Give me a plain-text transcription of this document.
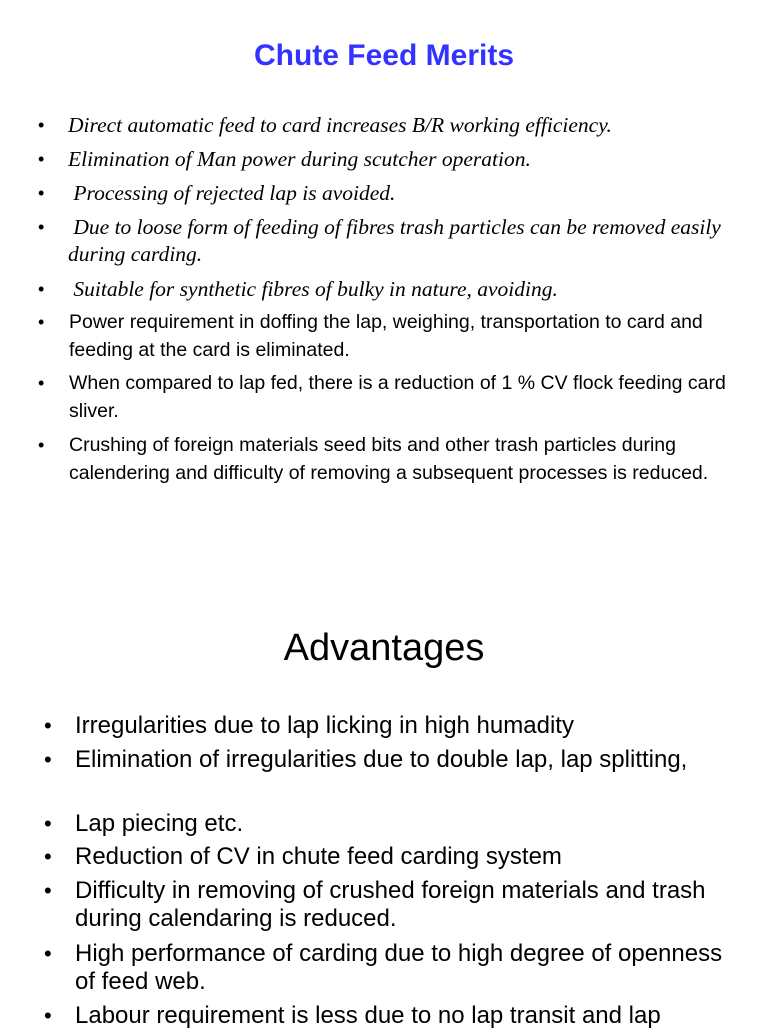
Chute Feed Merits
• Direct automatic feed to card increases B/R working efficiency.
• Elimination of Man power during scutcher operation.
• Processing of rejected lap is avoided.
• Due to loose form of feeding of fibres trash particles can be removed easily during carding.
• Suitable for synthetic fibres of bulky in nature, avoiding.
• Power requirement in doffing the lap, weighing, transportation to card and feeding at the card is eliminated.
• When compared to lap fed, there is a reduction of 1 % CV flock feeding card sliver.
• Crushing of foreign materials seed bits and other trash particles during calendering and difficulty of removing a subsequent processes is reduced.
Advantages
• Irregularities due to lap licking in high humadity
• Elimination of irregularities due to double lap, lap splitting,
• Lap piecing etc.
• Reduction of CV in chute feed carding system
• Difficulty in removing of crushed foreign materials and trash during calendaring is reduced.
• High performance of carding due to high degree of openness of feed web.
• Labour requirement is less due to no lap transit and lap
